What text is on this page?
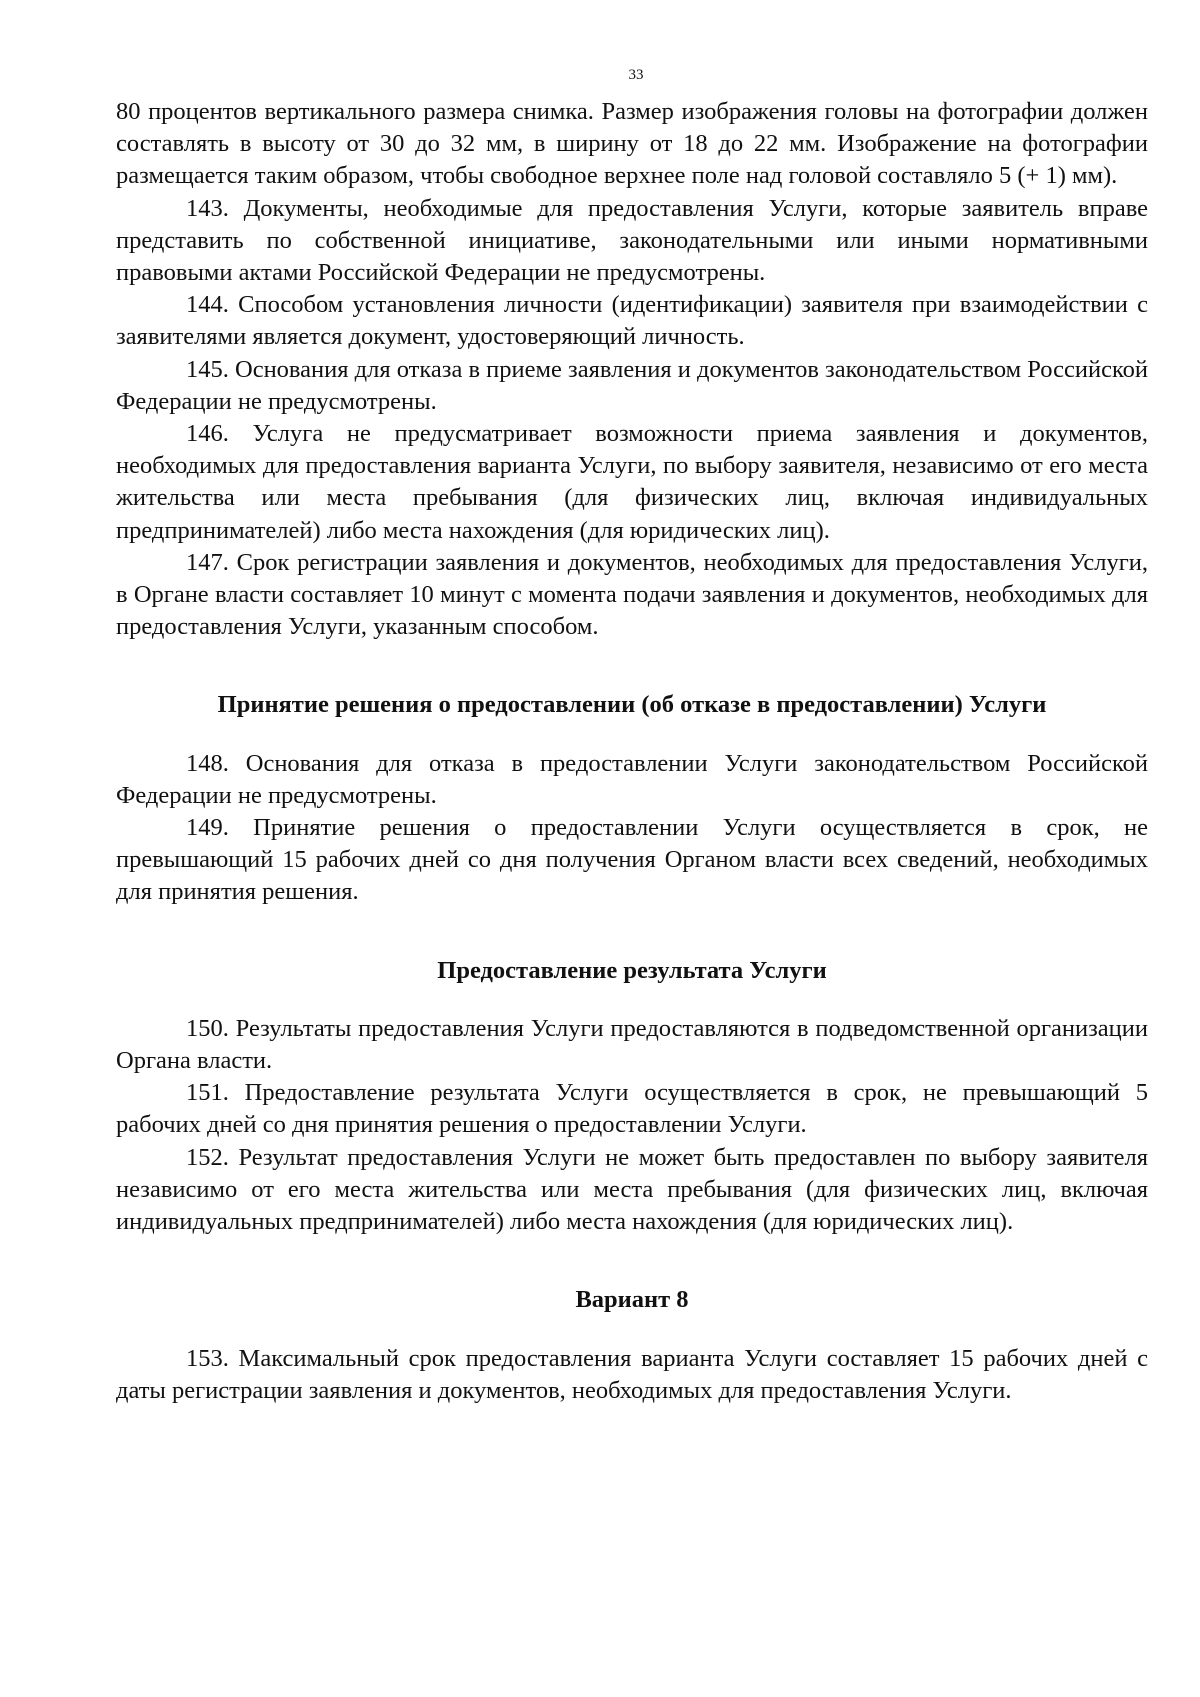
33

80 процентов вертикального размера снимка. Размер изображения головы на фотографии должен составлять в высоту от 30 до 32 мм, в ширину от 18 до 22 мм. Изображение на фотографии размещается таким образом, чтобы свободное верхнее поле над головой составляло 5 (+ 1) мм).

143. Документы, необходимые для предоставления Услуги, которые заявитель вправе представить по собственной инициативе, законодательными или иными нормативными правовыми актами Российской Федерации не предусмотрены.

144. Способом установления личности (идентификации) заявителя при взаимодействии с заявителями является документ, удостоверяющий личность.

145. Основания для отказа в приеме заявления и документов законодательством Российской Федерации не предусмотрены.

146. Услуга не предусматривает возможности приема заявления и документов, необходимых для предоставления варианта Услуги, по выбору заявителя, независимо от его места жительства или места пребывания (для физических лиц, включая индивидуальных предпринимателей) либо места нахождения (для юридических лиц).

147. Срок регистрации заявления и документов, необходимых для предоставления Услуги, в Органе власти составляет 10 минут с момента подачи заявления и документов, необходимых для предоставления Услуги, указанным способом.

Принятие решения о предоставлении (об отказе в предоставлении) Услуги

148. Основания для отказа в предоставлении Услуги законодательством Российской Федерации не предусмотрены.

149. Принятие решения о предоставлении Услуги осуществляется в срок, не превышающий 15 рабочих дней со дня получения Органом власти всех сведений, необходимых для принятия решения.

Предоставление результата Услуги

150. Результаты предоставления Услуги предоставляются в подведомственной организации Органа власти.

151. Предоставление результата Услуги осуществляется в срок, не превышающий 5 рабочих дней со дня принятия решения о предоставлении Услуги.

152. Результат предоставления Услуги не может быть предоставлен по выбору заявителя независимо от его места жительства или места пребывания (для физических лиц, включая индивидуальных предпринимателей) либо места нахождения (для юридических лиц).

Вариант 8

153. Максимальный срок предоставления варианта Услуги составляет 15 рабочих дней с даты регистрации заявления и документов, необходимых для предоставления Услуги.
